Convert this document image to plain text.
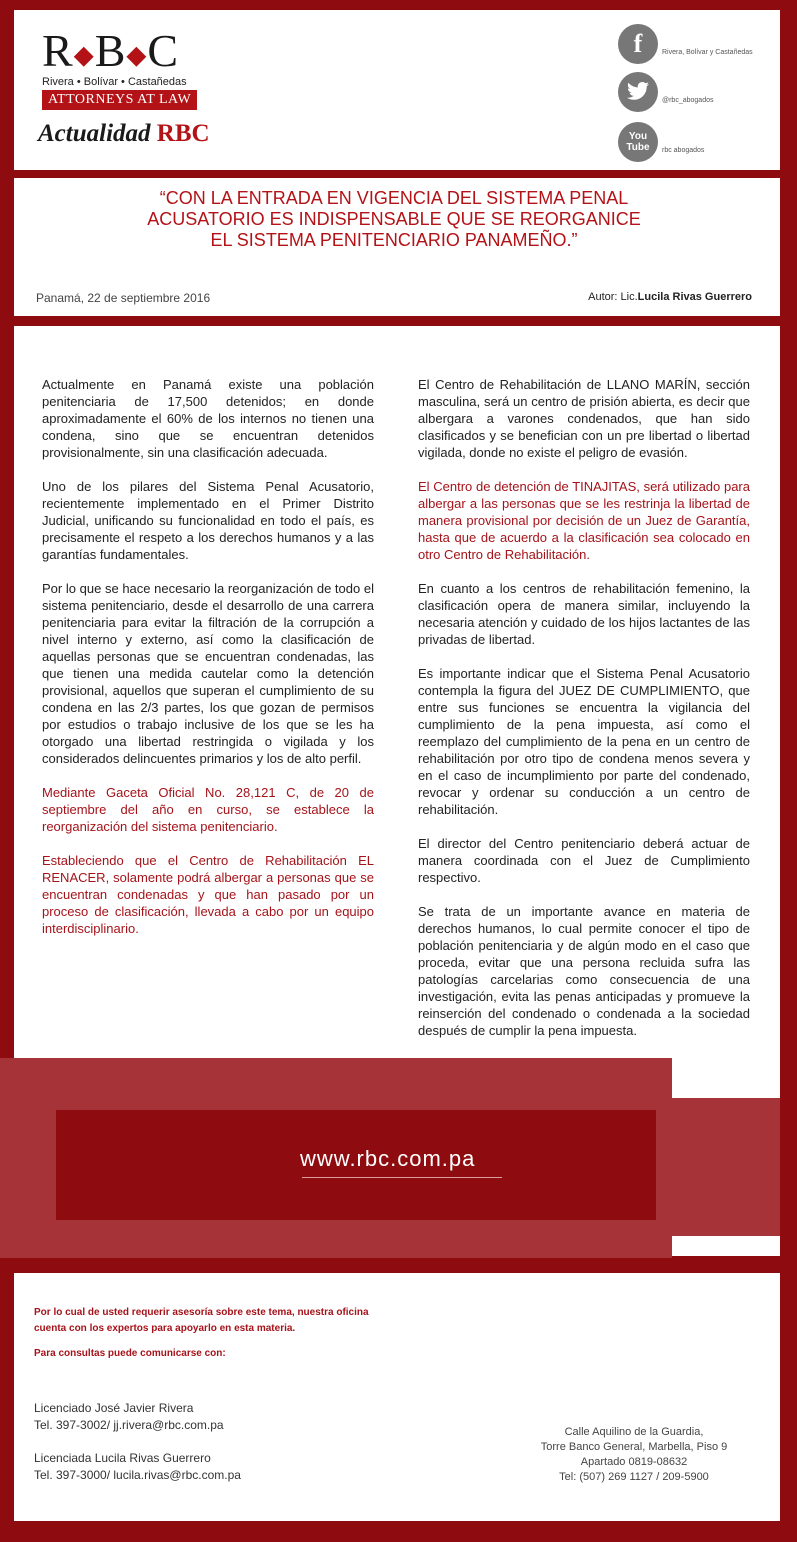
R◆B◆C
Rivera • Bolívar • Castañedas
ATTORNEYS AT LAW
Actualidad RBC
f	Rivera, Bolívar y Castañedas
@rbc_abogados
You
Tube rbc abogados
“CON LA ENTRADA EN VIGENCIA DEL SISTEMA PENAL ACUSATORIO ES INDISPENSABLE QUE SE REORGANICE EL SISTEMA PENITENCIARIO PANAMEÑO.”
Panamá, 22 de septiembre 2016	Autor: Lic.Lucila Rivas Guerrero

Actualmente en Panamá existe una población penitenciaria de 17,500 detenidos; en donde aproximadamente el 60% de los internos no tienen una condena, sino que se encuentran detenidos provisionalmente, sin una clasificación adecuada.

Uno de los pilares del Sistema Penal Acusatorio, recientemente implementado en el Primer Distrito Judicial, unificando su funcionalidad en todo el país, es precisamente el respeto a los derechos humanos y a las garantías fundamentales.

Por lo que se hace necesario la reorganización de todo el sistema penitenciario, desde el desarrollo de una carrera penitenciaria para evitar la filtración de la corrupción a nivel interno y externo, así como la clasificación de aquellas personas que se encuentran condenadas, las que tienen una medida cautelar como la detención provisional, aquellos que superan el cumplimiento de su condena en las 2/3 partes, los que gozan de permisos por estudios o trabajo inclusive de los que se les ha otorgado una libertad restringida o vigilada y los considerados delincuentes primarios y los de alto perfil.

Mediante Gaceta Oficial No. 28,121 C, de 20 de septiembre del año en curso, se establece la reorganización del sistema penitenciario.

Estableciendo que el Centro de Rehabilitación EL RENACER, solamente podrá albergar a personas que se encuentran condenadas y que han pasado por un proceso de clasificación, llevada a cabo por un equipo interdisciplinario.

El Centro de Rehabilitación de LLANO MARÍN, sección masculina, será un centro de prisión abierta, es decir que albergara a varones condenados, que han sido clasificados y se benefician con un pre libertad o libertad vigilada, donde no existe el peligro de evasión.

El Centro de detención de TINAJITAS, será utilizado para albergar a las personas que se les restrinja la libertad de manera provisional por decisión de un Juez de Garantía, hasta que de acuerdo a la clasificación sea colocado en otro Centro de Rehabilitación.

En cuanto a los centros de rehabilitación femenino, la clasificación opera de manera similar, incluyendo la necesaria atención y cuidado de los hijos lactantes de las privadas de libertad.

Es importante indicar que el Sistema Penal Acusatorio contempla la figura del JUEZ DE CUMPLIMIENTO, que entre sus funciones se encuentra la vigilancia del cumplimiento de la pena impuesta, así como el reemplazo del cumplimiento de la pena en un centro de rehabilitación por otro tipo de condena menos severa y en el caso de incumplimiento por parte del condenado, revocar y ordenar su conducción a un centro de rehabilitación.

El director del Centro penitenciario deberá actuar de manera coordinada con el Juez de Cumplimiento respectivo.

Se trata de un importante avance en materia de derechos humanos, lo cual permite conocer el tipo de población penitenciaria y de algún modo en el caso que proceda, evitar que una persona recluida sufra las patologías carcelarias como consecuencia de una investigación, evita las penas anticipadas y promueve la reinserción del condenado o condenada a la sociedad después de cumplir la pena impuesta.

www.rbc.com.pa
Por lo cual de usted requerir asesoría sobre este tema, nuestra oficina cuenta con los expertos para apoyarlo en esta materia.
Para consultas puede comunicarse con:
Licenciado José Javier Rivera
Tel. 397-3002/ jj.rivera@rbc.com.pa
Licenciada Lucila Rivas Guerrero
Tel. 397-3000/ lucila.rivas@rbc.com.pa
Calle Aquilino de la Guardia,
Torre Banco General, Marbella, Piso 9
Apartado 0819-08632
Tel: (507) 269 1127 / 209-5900
